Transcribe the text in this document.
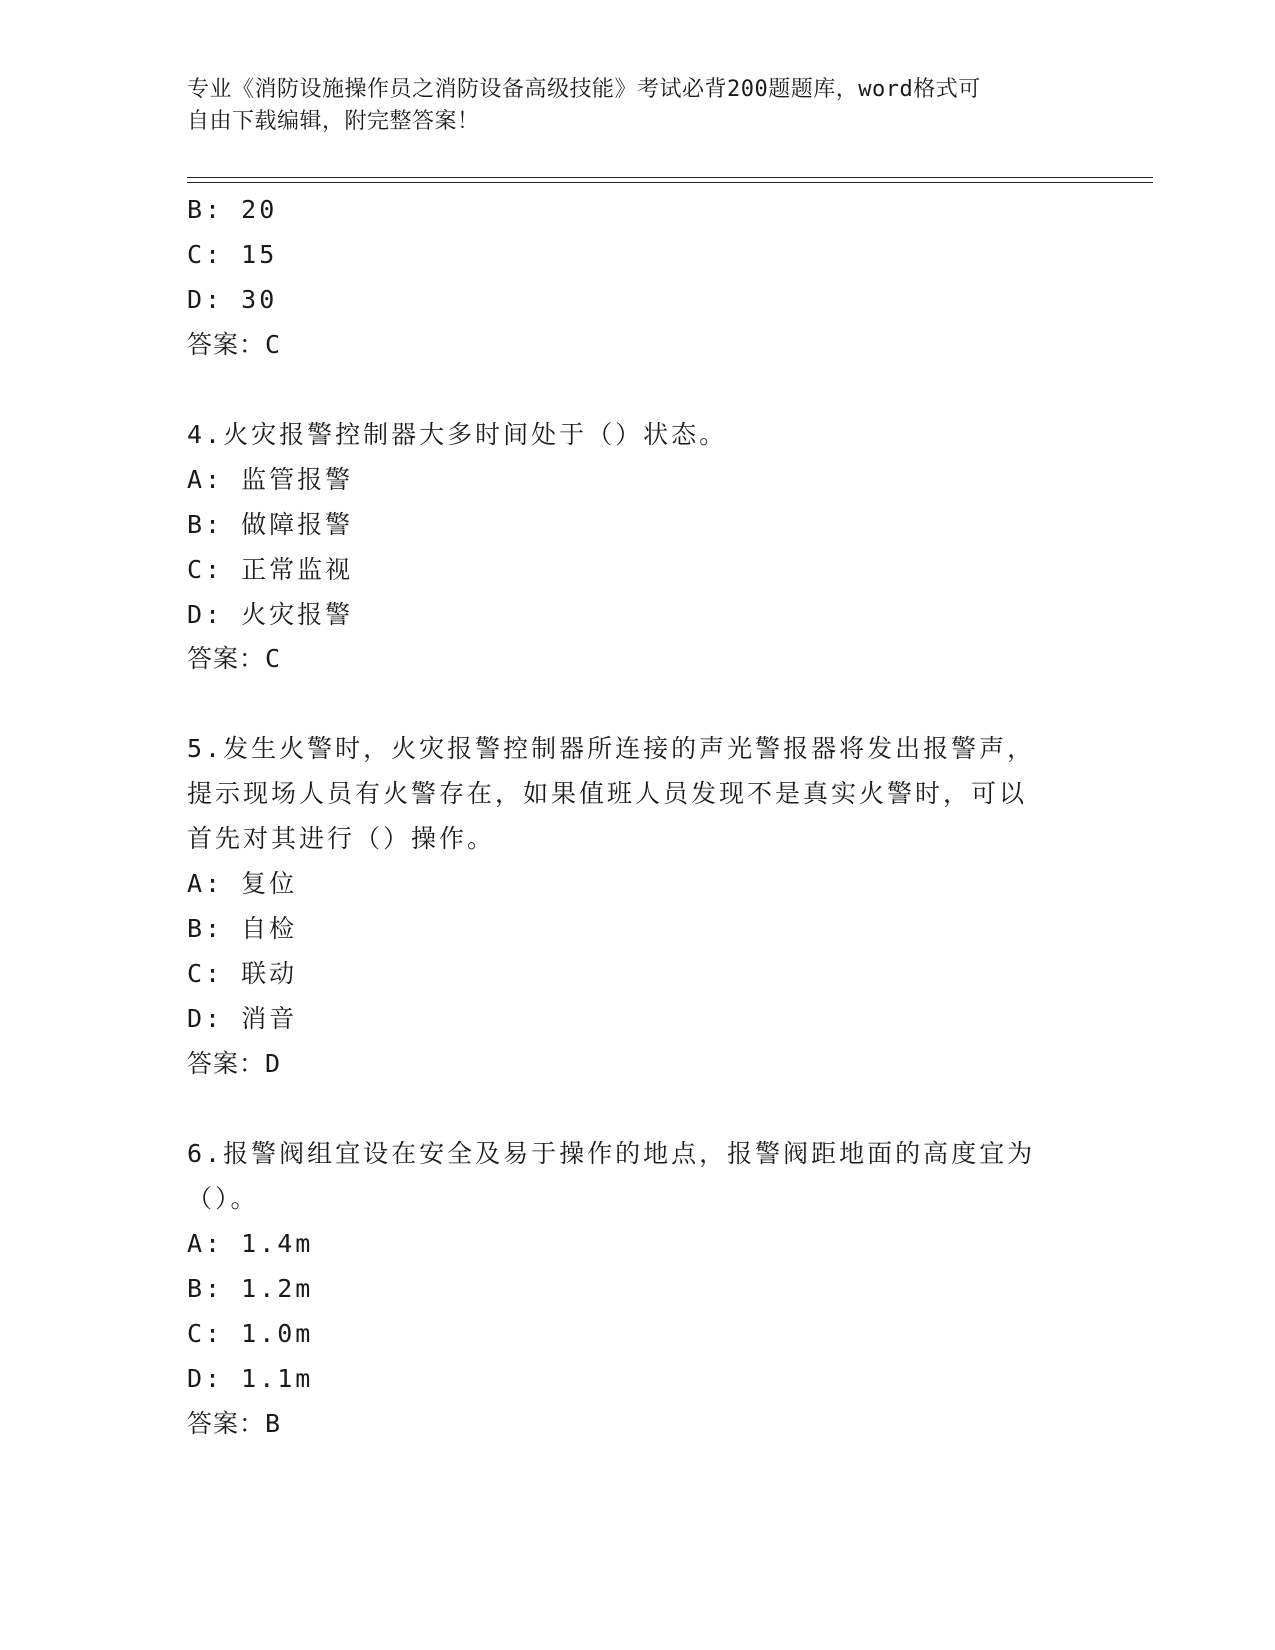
专业《消防设施操作员之消防设备高级技能》考试必背200题题库，word格式可
自由下载编辑，附完整答案！
B: 20
C: 15
D: 30
答案：C
4.火灾报警控制器大多时间处于（）状态。
A: 监管报警
B: 做障报警
C: 正常监视
D: 火灾报警
答案：C
5.发生火警时，火灾报警控制器所连接的声光警报器将发出报警声，
提示现场人员有火警存在，如果值班人员发现不是真实火警时，可以
首先对其进行（）操作。
A: 复位
B: 自检
C: 联动
D: 消音
答案：D
6.报警阀组宜设在安全及易于操作的地点，报警阀距地面的高度宜为
（）。
A: 1.4m
B: 1.2m
C: 1.0m
D: 1.1m
答案：B
